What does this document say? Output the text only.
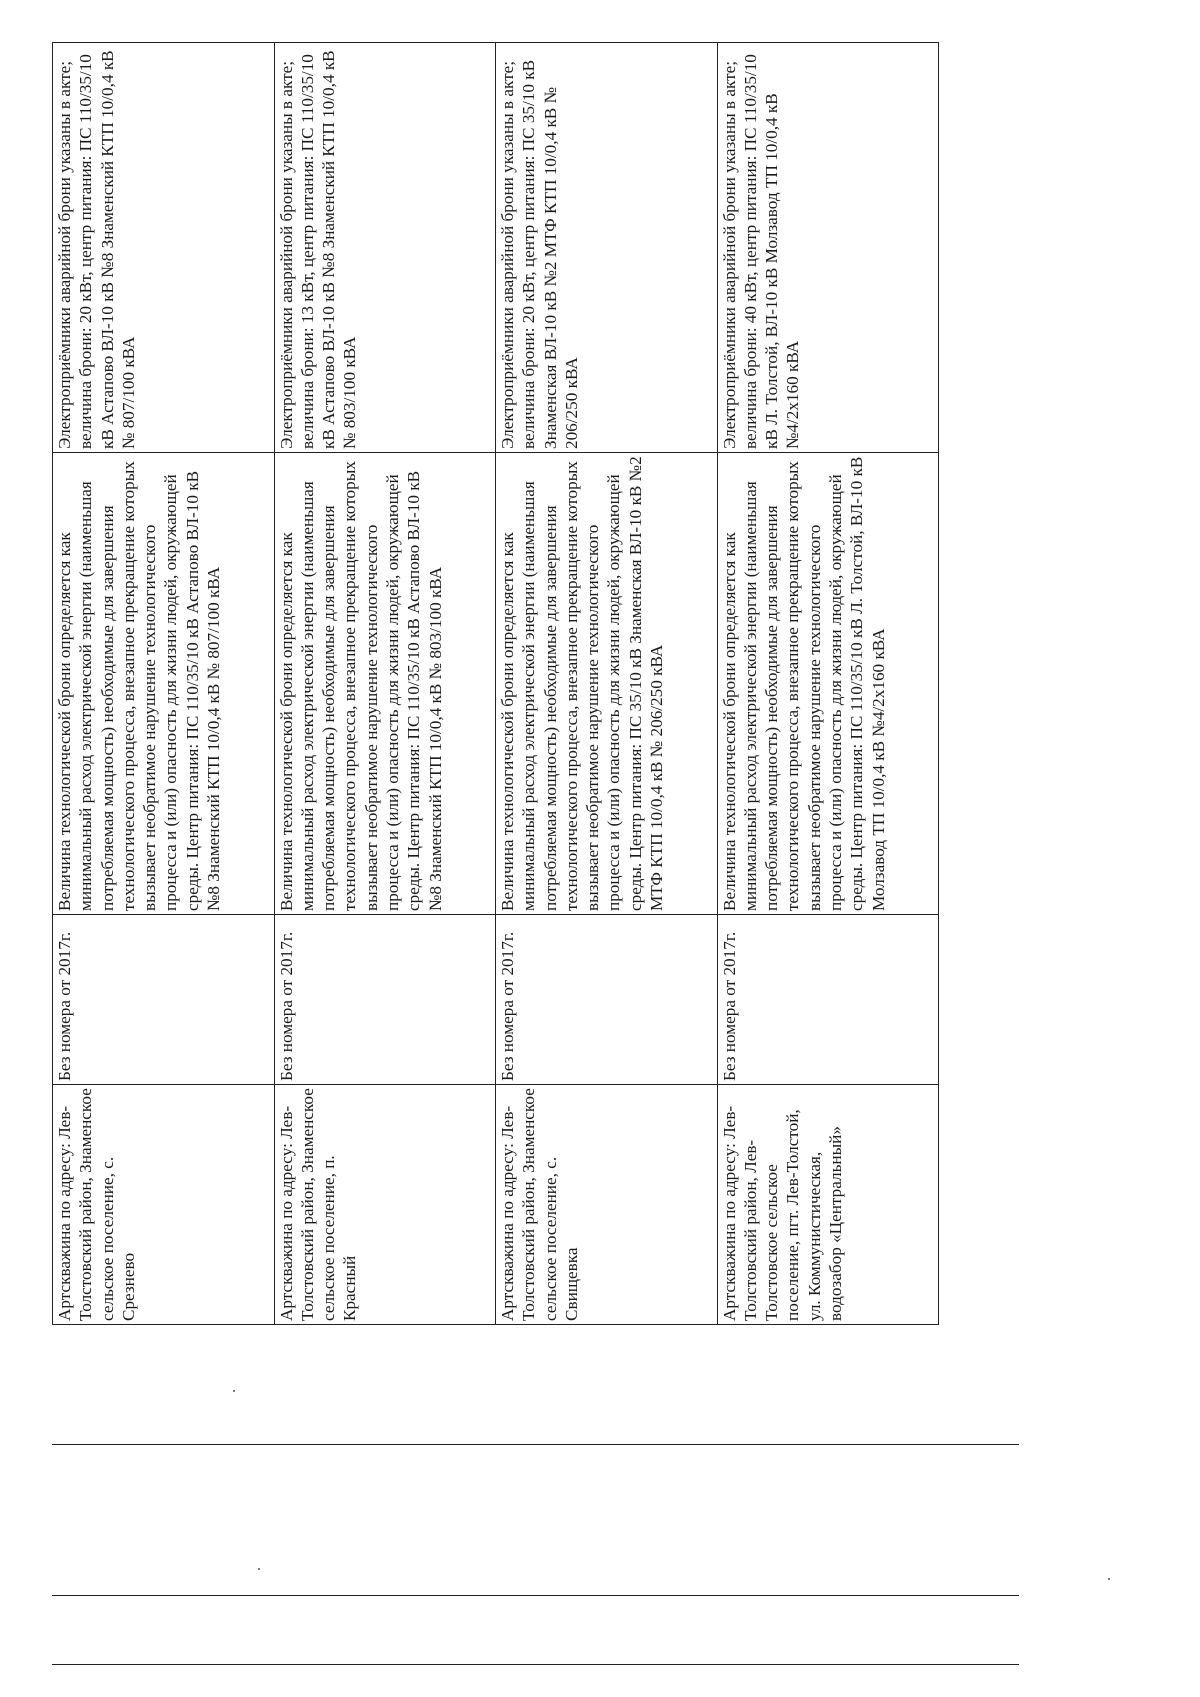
Артскважина по адресу: Лев-Толстовский район, Знаменское сельское поселение, с. Срезнево	Без номера от 2017г.	Величина технологической брони определяется как минимальный расход электрической энергии (наименьшая потребляемая мощность) необходимые для завершения технологического процесса, внезапное прекращение которых вызывает необратимое нарушение технологического процесса и (или) опасность для жизни людей, окружающей среды. Центр питания: ПС 110/35/10 кВ Астапово ВЛ-10 кВ №8 Знаменский КТП 10/0,4 кВ № 807/100 кВА	Электроприёмники аварийной брони указаны в акте; величина брони: 20 кВт, центр питания: ПС 110/35/10 кВ Астапово ВЛ-10 кВ №8 Знаменский КТП 10/0,4 кВ № 807/100 кВА
Артскважина по адресу: Лев-Толстовский район, Знаменское сельское поселение, п. Красный	Без номера от 2017г.	Величина технологической брони определяется как минимальный расход электрической энергии (наименьшая потребляемая мощность) необходимые для завершения технологического процесса, внезапное прекращение которых вызывает необратимое нарушение технологического процесса и (или) опасность для жизни людей, окружающей среды. Центр питания: ПС 110/35/10 кВ Астапово ВЛ-10 кВ №8 Знаменский КТП 10/0,4 кВ № 803/100 кВА	Электроприёмники аварийной брони указаны в акте; величина брони: 13 кВт, центр питания: ПС 110/35/10 кВ Астапово ВЛ-10 кВ №8 Знаменский КТП 10/0,4 кВ № 803/100 кВА
Артскважина по адресу: Лев-Толстовский район, Знаменское сельское поселение, с. Свищевка	Без номера от 2017г.	Величина технологической брони определяется как минимальный расход электрической энергии (наименьшая потребляемая мощность) необходимые для завершения технологического процесса, внезапное прекращение которых вызывает необратимое нарушение технологического процесса и (или) опасность для жизни людей, окружающей среды. Центр питания: ПС 35/10 кВ Знаменская ВЛ-10 кВ №2 МТФ КТП 10/0,4 кВ № 206/250 кВА	Электроприёмники аварийной брони указаны в акте; величина брони: 20 кВт, центр питания: ПС 35/10 кВ Знаменская ВЛ-10 кВ №2 МТФ КТП 10/0,4 кВ № 206/250 кВА
Артскважина по адресу: Лев-Толстовский район, Лев-Толстовское сельское поселение, пгт. Лев-Толстой, ул. Коммунистическая, водозабор «Центральный»	Без номера от 2017г.	Величина технологической брони определяется как минимальный расход электрической энергии (наименьшая потребляемая мощность) необходимые для завершения технологического процесса, внезапное прекращение которых вызывает необратимое нарушение технологического процесса и (или) опасность для жизни людей, окружающей среды. Центр питания: ПС 110/35/10 кВ Л. Толстой, ВЛ-10 кВ Молзавод ТП 10/0,4 кВ №4/2х160 кВА	Электроприёмники аварийной брони указаны в акте; величина брони: 40 кВт, центр питания: ПС 110/35/10 кВ Л. Толстой, ВЛ-10 кВ Молзавод ТП 10/0,4 кВ №4/2х160 кВА
